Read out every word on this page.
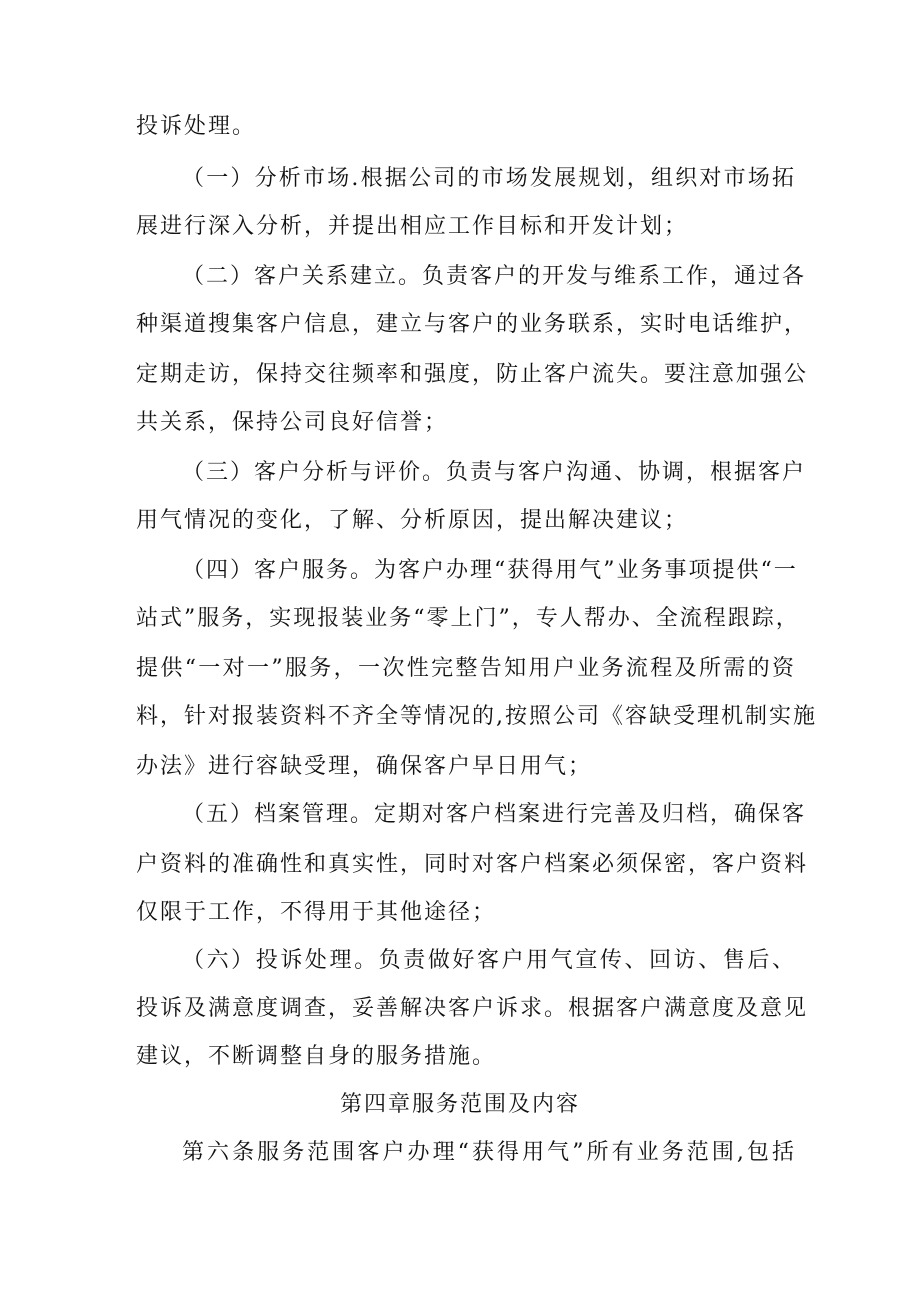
投诉处理。
（一）分析市场.根据公司的市场发展规划，组织对市场拓
展进行深入分析，并提出相应工作目标和开发计划；
（二）客户关系建立。负责客户的开发与维系工作，通过各
种渠道搜集客户信息，建立与客户的业务联系，实时电话维护，
定期走访，保持交往频率和强度，防止客户流失。要注意加强公
共关系，保持公司良好信誉；
（三）客户分析与评价。负责与客户沟通、协调，根据客户
用气情况的变化，了解、分析原因，提出解决建议；
（四）客户服务。为客户办理“获得用气”业务事项提供“一
站式”服务，实现报装业务“零上门”，专人帮办、全流程跟踪，
提供“一对一”服务，一次性完整告知用户业务流程及所需的资
料，针对报装资料不齐全等情况的,按照公司《容缺受理机制实施
办法》进行容缺受理，确保客户早日用气；
（五）档案管理。定期对客户档案进行完善及归档，确保客
户资料的准确性和真实性，同时对客户档案必须保密，客户资料
仅限于工作，不得用于其他途径；
（六）投诉处理。负责做好客户用气宣传、回访、售后、
投诉及满意度调查，妥善解决客户诉求。根据客户满意度及意见
建议，不断调整自身的服务措施。
第四章服务范围及内容
第六条服务范围客户办理“获得用气”所有业务范围,包括
